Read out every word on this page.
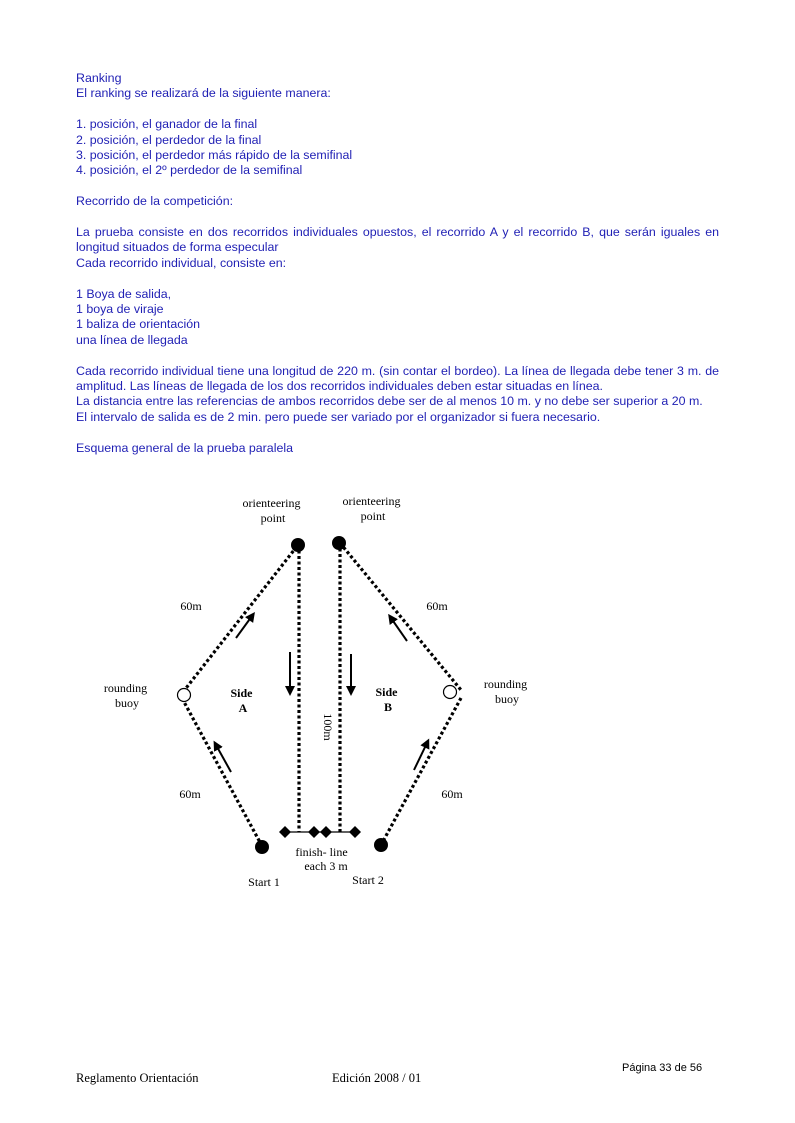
Ranking

El ranking se realizará de la siguiente manera:

1. posición, el ganador de la final

2. posición, el perdedor de la final

3. posición, el perdedor más rápido de la semifinal

4. posición, el 2º perdedor de la semifinal

Recorrido de la competición:

La prueba consiste en dos recorridos individuales opuestos, el recorrido A y el recorrido B, que serán iguales en longitud situados de forma especular

Cada recorrido individual, consiste en:

1 Boya de salida,

1 boya de viraje

1 baliza de orientación

una línea de llegada

Cada recorrido individual tiene una longitud de 220 m. (sin contar el bordeo). La línea de llegada debe tener 3 m. de amplitud. Las líneas de llegada de los dos recorridos individuales deben estar situadas en línea.

La distancia entre las referencias de ambos recorridos debe ser de al menos 10 m. y no debe ser superior a 20 m.

El intervalo de salida es de 2 min. pero puede ser variado por el organizador si fuera necesario.

Esquema general de la prueba paralela

orienteering point
orienteering point
rounding buoy
rounding buoy
60m	60m
60m	60m
100m
Side A
Side B
finish- line each 3 m
Start 1	Start 2
Reglamento Orientación	Edición 2008 / 01
Página 33 de 56
